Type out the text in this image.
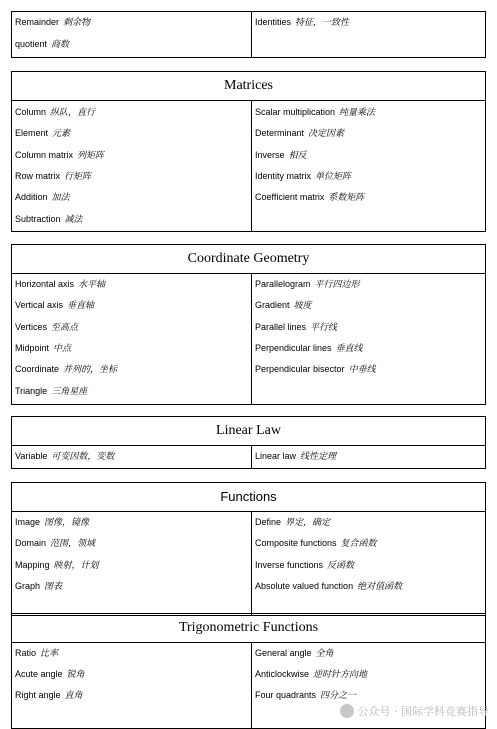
Remainder 剩余物
quotient 商数
Identities 特征，一致性
Matrices
Column 纵队，直行
Element 元素
Column matrix 列矩阵
Row matrix 行矩阵
Addition 加法
Subtraction 减法
Scalar multiplication 纯量乘法
Determinant 决定因素
Inverse 相反
Identity matrix 单位矩阵
Coefficient matrix 系数矩阵
Coordinate Geometry
Horizontal axis 水平轴
Vertical axis 垂直轴
Vertices 至高点
Midpoint 中点
Coordinate 并列的，坐标
Triangle 三角星座
Parallelogram 平行四边形
Gradient 坡度
Parallel lines 平行线
Perpendicular lines 垂直线
Perpendicular bisector 中垂线
Linear Law
Variable 可变因数，变数	Linear law 线性定理
Functions
Image 图像，镜像
Domain 范围，领域
Mapping 映射，计划
Graph 图表
Define 界定，确定
Composite functions 复合函数
Inverse functions 反函数
Absolute valued function 绝对值函数
Trigonometric Functions
Ratio 比率
Acute angle 锐角
Right angle 直角
General angle 全角
Anticlockwise 逆时针方向地
Four quadrants 四分之一
公众号 · 国际学科竞赛指导
